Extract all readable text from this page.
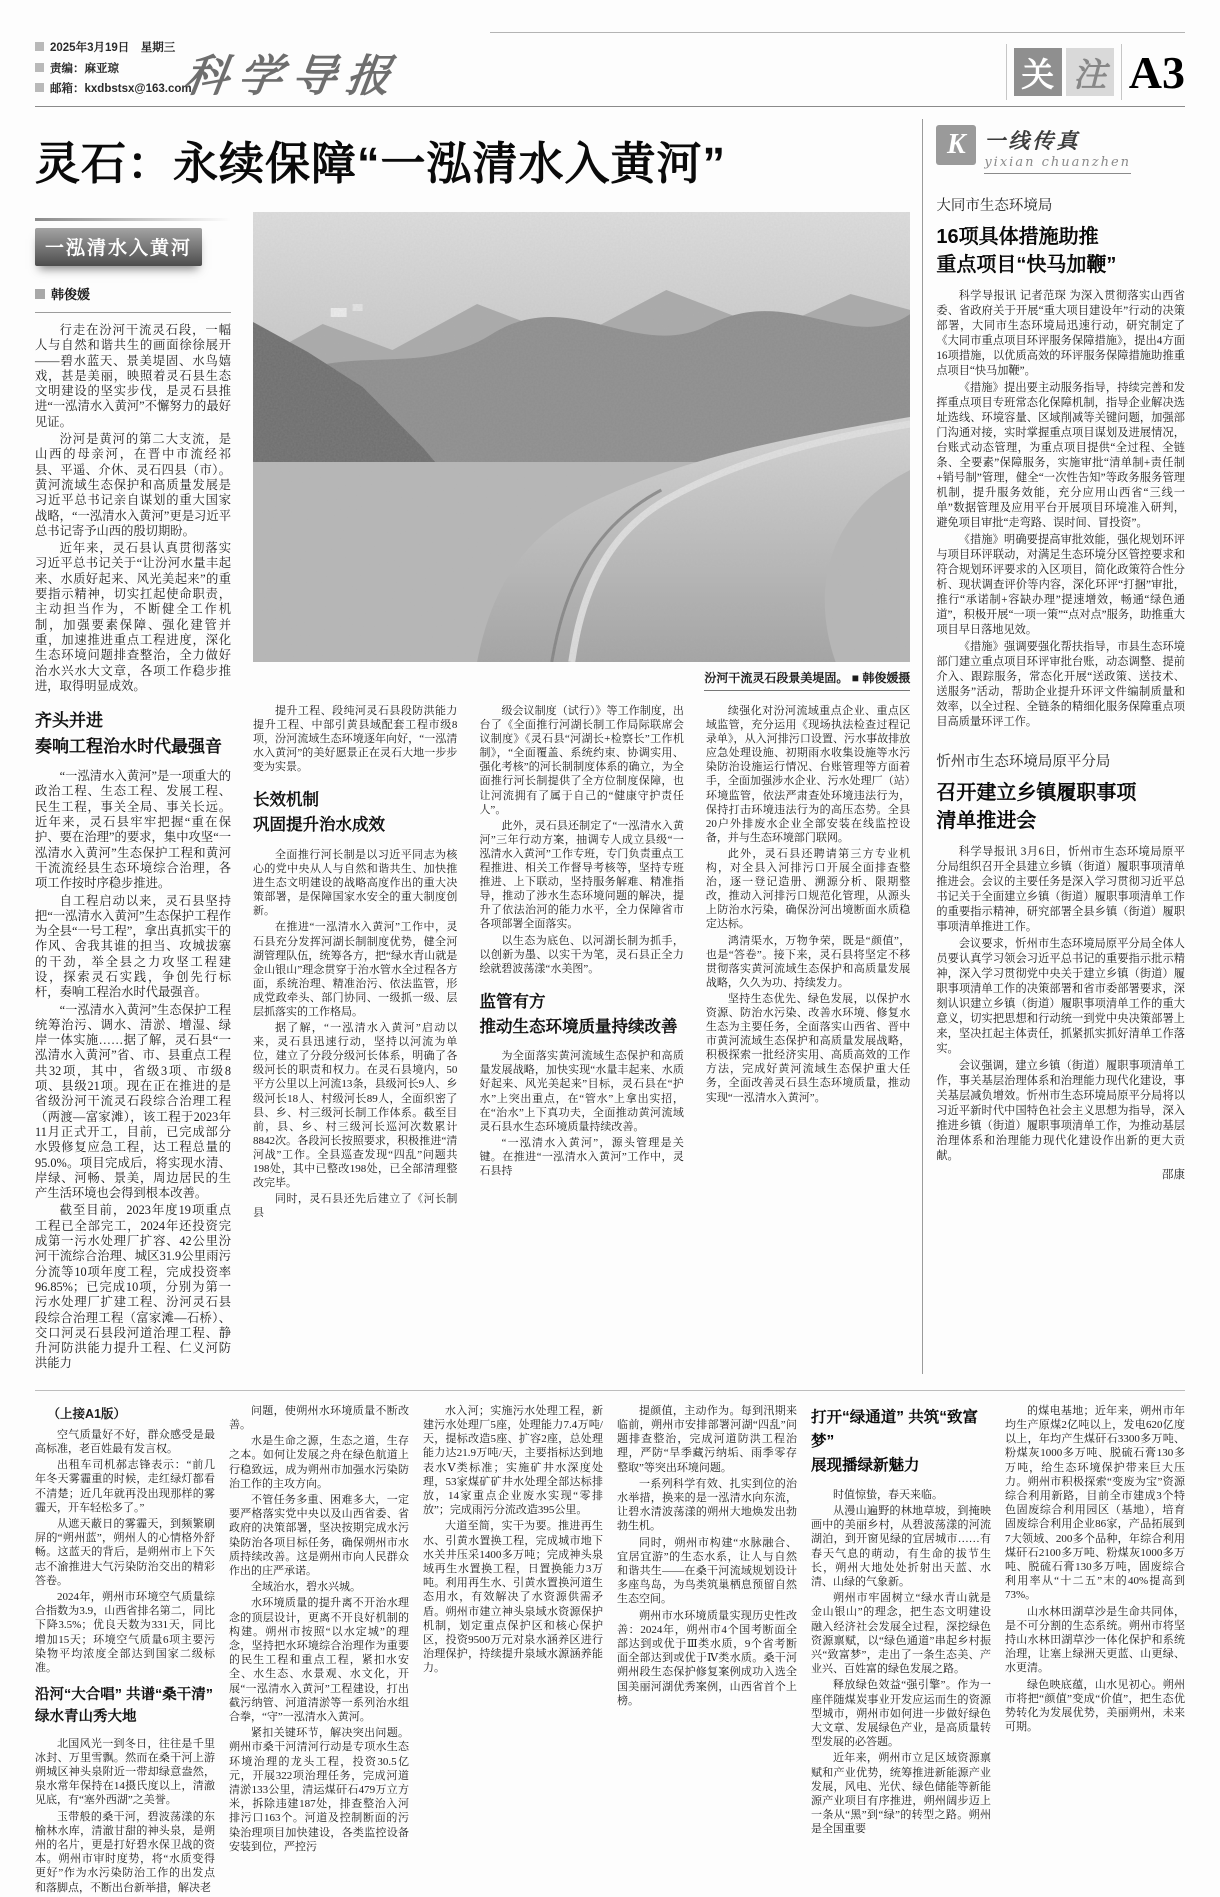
2025年3月19日　星期三
责编：麻亚琼
邮箱：kxdbstsx@163.com
科学导报	关 注 A3
灵石：永续保障“一泓清水入黄河”
一泓清水入黄河
韩俊媛
行走在汾河干流灵石段，一幅人与自然和谐共生的画面徐徐展开——碧水蓝天、景美堤固、水鸟嬉戏，甚是美丽，映照着灵石县生态文明建设的坚实步伐，是灵石县推进“一泓清水入黄河”不懈努力的最好见证。
汾河是黄河的第二大支流，是山西的母亲河，在晋中市流经祁县、平遥、介休、灵石四县（市）。黄河流域生态保护和高质量发展是习近平总书记亲自谋划的重大国家战略，“一泓清水入黄河”更是习近平总书记寄予山西的殷切期盼。
近年来，灵石县认真贯彻落实习近平总书记关于“让汾河水量丰起来、水质好起来、风光美起来”的重要指示精神，切实扛起使命职责，主动担当作为，不断健全工作机制，加强要素保障、强化建管并重，加速推进重点工程进度，深化生态环境问题排查整治，全力做好治水兴水大文章，各项工作稳步推进，取得明显成效。
齐头并进
奏响工程治水时代最强音
“一泓清水入黄河”是一项重大的政治工程、生态工程、发展工程、民生工程，事关全局、事关长远。近年来，灵石县牢牢把握“重在保护、要在治理”的要求，集中攻坚“一泓清水入黄河”生态保护工程和黄河干流流经县生态环境综合治理，各项工作按时序稳步推进。
自工程启动以来，灵石县坚持把“一泓清水入黄河”生态保护工程作为全县“一号工程”，拿出真抓实干的作风、舍我其谁的担当、攻城拔寨的干劲，举全县之力攻坚工程建设，探索灵石实践，争创先行标杆，奏响工程治水时代最强音。
“一泓清水入黄河”生态保护工程统筹治污、调水、清淤、增湿、绿岸一体实施……据了解，灵石县“一泓清水入黄河”省、市、县重点工程共32项，其中，省级3项、市级8项、县级21项。现在正在推进的是省级汾河干流灵石段综合治理工程（两渡—富家滩），该工程于2023年11月正式开工，目前，已完成部分水毁修复应急工程，达工程总量的95.0%。项目完成后，将实现水清、岸绿、河畅、景美，周边居民的生产生活环境也会得到根本改善。
截至目前，2023年度19项重点工程已全部完工，2024年还投资完成第一污水处理厂扩容、42公里汾河干流综合治理、城区31.9公里雨污分流等10项年度工程，完成投资率96.85%；已完成10项，分别为第一污水处理厂扩建工程、汾河灵石县段综合治理工程（富家滩—石桥）、交口河灵石县段河道治理工程、静升河防洪能力提升工程、仁义河防洪能力
汾河干流灵石段景美堤固。 ■ 韩俊媛摄
提升工程、段纯河灵石县段防洪能力提升工程、中部引黄县域配套工程市级8项，汾河流域生态环境逐年向好，“一泓清水入黄河”的美好愿景正在灵石大地一步步变为实景。
长效机制
巩固提升治水成效
全面推行河长制是以习近平同志为核心的党中央从人与自然和谐共生、加快推进生态文明建设的战略高度作出的重大决策部署，是保障国家水安全的重大制度创新。
在推进“一泓清水入黄河”工作中，灵石县充分发挥河湖长制制度优势，健全河湖管理队伍，统筹各方，把“绿水青山就是金山银山”理念贯穿于治水管水全过程各方面，系统治理、精准治污、依法监管，形成党政牵头、部门协同、一级抓一级、层层抓落实的工作格局。
据了解，“一泓清水入黄河”启动以来，灵石县迅速行动，坚持以河流为单位，建立了分段分级河长体系，明确了各级河长的职责和权力。在灵石县境内，50平方公里以上河流13条，县级河长9人、乡级河长18人、村级河长89人，全面织密了县、乡、村三级河长制工作体系。截至目前，县、乡、村三级河长巡河次数累计8842次。各段河长按照要求，积极推进“清河战”工作。全县巡查发现“四乱”问题共198处，其中已整改198处，已全部清理整改完毕。
同时，灵石县还先后建立了《河长制县
级会议制度（试行）》等工作制度，出台了《全面推行河湖长制工作局际联席会议制度》《灵石县“河湖长+检察长”工作机制》，“全面覆盖、系统约束、协调实用、强化考核”的河长制制度体系的确立，为全面推行河长制提供了全方位制度保障，也让河流拥有了属于自己的“健康守护责任人”。
此外，灵石县还制定了“一泓清水入黄河”三年行动方案，抽调专人成立县级“一泓清水入黄河”工作专班，专门负责重点工程推进、相关工作督导考核等，坚持专班推进、上下联动，坚持服务解难、精准指导，推动了涉水生态环境问题的解决，提升了依法治河的能力水平，全力保障省市各项部署全面落实。
以生态为底色、以河湖长制为抓手，以创新为墨、以实干为笔，灵石县正全力绘就碧波荡漾“水美图”。
监管有方
推动生态环境质量持续改善
为全面落实黄河流域生态保护和高质量发展战略，加快实现“水量丰起来、水质好起来、风光美起来”目标，灵石县在“护水”上突出重点，在“管水”上拿出实招，在“治水”上下真功夫，全面推动黄河流域灵石县水生态环境质量持续改善。
“一泓清水入黄河”，源头管理是关键。在推进“一泓清水入黄河”工作中，灵石县持
续强化对汾河流域重点企业、重点区域监管，充分运用《现场执法检查过程记录单》，从入河排污口设置、污水事故排放应急处理设施、初期雨水收集设施等水污染防治设施运行情况、台账管理等方面着手，全面加强涉水企业、污水处理厂（站）环境监管，依法严肃查处环境违法行为，保持打击环境违法行为的高压态势。全县20户外排废水企业全部安装在线监控设备，并与生态环境部门联网。
此外，灵石县还聘请第三方专业机构，对全县入河排污口开展全面排查整治，逐一登记造册、溯源分析、限期整改，推动入河排污口规范化管理，从源头上防治水污染，确保汾河出境断面水质稳定达标。
鸿清渠水，万物争荣，既是“颜值”，也是“答卷”。接下来，灵石县将坚定不移贯彻落实黄河流域生态保护和高质量发展战略，久久为功、持续发力。
坚持生态优先、绿色发展，以保护水资源、防治水污染、改善水环境、修复水生态为主要任务，全面落实山西省、晋中市黄河流域生态保护和高质量发展战略，积极探索一批经济实用、高质高效的工作方法，完成好黄河流域生态保护重大任务，全面改善灵石县生态环境质量，推动实现“一泓清水入黄河”。
K 一线传真
yixian chuanzhen
大同市生态环境局
16项具体措施助推
重点项目“快马加鞭”
科学导报讯 记者范琛 为深入贯彻落实山西省委、省政府关于开展“重大项目建设年”行动的决策部署，大同市生态环境局迅速行动，研究制定了《大同市重点项目环评服务保障措施》，提出4方面16项措施，以优质高效的环评服务保障措施助推重点项目“快马加鞭”。
《措施》提出要主动服务指导，持续完善和发挥重点项目专班常态化保障机制，指导企业解决选址选线、环境容量、区域削减等关键问题，加强部门沟通对接，实时掌握重点项目谋划及进展情况，台账式动态管理，为重点项目提供“全过程、全链条、全要素”保障服务，实施审批“清单制+责任制+销号制”管理，健全“一次性告知”等政务服务管理机制，提升服务效能，充分应用山西省“三线一单”数据管理及应用平台开展项目环境准入研判，避免项目审批“走弯路、误时间、冒投资”。
《措施》明确要提高审批效能，强化规划环评与项目环评联动，对满足生态环境分区管控要求和符合规划环评要求的入区项目，简化政策符合性分析、现状调查评价等内容，深化环评“打捆”审批，推行“承诺制+容缺办理”提速增效，畅通“绿色通道”，积极开展“一项一策”“点对点”服务，助推重大项目早日落地见效。
《措施》强调要强化帮扶指导，市县生态环境部门建立重点项目环评审批台账，动态调整、提前介入、跟踪服务，常态化开展“送政策、送技术、送服务”活动，帮助企业提升环评文件编制质量和效率，以全过程、全链条的精细化服务保障重点项目高质量环评工作。
忻州市生态环境局原平分局
召开建立乡镇履职事项
清单推进会
科学导报讯 3月6日，忻州市生态环境局原平分局组织召开全县建立乡镇（街道）履职事项清单推进会。会议的主要任务是深入学习贯彻习近平总书记关于全面建立乡镇（街道）履职事项清单工作的重要指示精神，研究部署全县乡镇（街道）履职事项清单推进工作。
会议要求，忻州市生态环境局原平分局全体人员要认真学习领会习近平总书记的重要指示批示精神，深入学习贯彻党中央关于建立乡镇（街道）履职事项清单工作的决策部署和省市委部署要求，深刻认识建立乡镇（街道）履职事项清单工作的重大意义，切实把思想和行动统一到党中央决策部署上来，坚决扛起主体责任，抓紧抓实抓好清单工作落实。
会议强调，建立乡镇（街道）履职事项清单工作，事关基层治理体系和治理能力现代化建设，事关基层减负增效。忻州市生态环境局原平分局将以习近平新时代中国特色社会主义思想为指导，深入推进乡镇（街道）履职事项清单工作，为推动基层治理体系和治理能力现代化建设作出新的更大贡献。
邵康
（上接A1版）
空气质量好不好，群众感受是最高标准，老百姓最有发言权。
出租车司机郝志锋表示：“前几年冬天雾霾重的时候，走红绿灯都看不清楚；近几年就再没出现那样的雾霾天，开车轻松多了。”
从遮天蔽日的雾霾天，到频繁刷屏的“朔州蓝”，朔州人的心情格外舒畅。这蓝天的背后，是朔州市上下矢志不渝推进大气污染防治交出的精彩答卷。
2024年，朔州市环境空气质量综合指数为3.9，山西省排名第二，同比下降3.5%；优良天数为331天，同比增加15天；环境空气质量6项主要污染物平均浓度全部达到国家二级标准。
沿河“大合唱” 共谱“桑干清”
绿水青山秀大地
北国风光一到冬日，往往是千里冰封、万里雪飘。然而在桑干河上游朔城区神头泉附近一带却绿意盎然，泉水常年保持在14摄氏度以上，清澈见底，有“塞外西湖”之美誉。
玉带般的桑干河，碧波荡漾的东榆林水库，清澈甘甜的神头泉，是朔州的名片，更是打好碧水保卫战的资本。朔州市审时度势，将“水质变得更好”作为水污染防治工作的出发点和落脚点，不断出台新举措，解决老
问题，使朔州水环境质量不断改善。
水是生命之源，生态之道，生存之本。如何让发展之舟在绿色航道上行稳致远，成为朔州市加强水污染防治工作的主攻方向。
不管任务多重、困难多大，一定要严格落实党中央以及山西省委、省政府的决策部署，坚决按期完成水污染防治各项目标任务，确保朔州市水质持续改善。这是朔州市向人民群众作出的庄严承诺。
全域治水，碧水兴城。
水环境质量的提升离不开治水理念的顶层设计，更离不开良好机制的构建。朔州市按照“以水定城”的理念，坚持把水环境综合治理作为重要的民生工程和重点工程，紧扣水安全、水生态、水景观、水文化，开展“一泓清水入黄河”工程建设，打出截污纳管、河道清淤等一系列治水组合拳，“守”一泓清水入黄河。
紧扣关键环节，解决突出问题。朔州市桑干河清河行动是专项水生态环境治理的龙头工程，投资30.5亿元，开展322项治理任务，完成河道清淤133公里，清运煤矸石479万立方米，拆除违建187处，排查整治入河排污口163个。河道及控制断面的污染治理项目加快建设，各类监控设备安装到位，严控污
水入河；实施污水处理工程，新建污水处理厂5座，处理能力7.4万吨/天，提标改造5座、扩容2座，总处理能力达21.9万吨/天，主要指标达到地表水Ⅴ类标准；实施矿井水深度处理，53家煤矿矿井水处理全部达标排放，14家重点企业废水实现“零排放”；完成雨污分流改造395公里。
大道至简，实干为要。推进再生水、引黄水置换工程，完成城市地下水关井压采1400多万吨；完成神头泉域再生水置换工程，日置换能力3万吨。利用再生水、引黄水置换河道生态用水，有效解决了水资源供需矛盾。朔州市建立神头泉域水资源保护机制，划定重点保护区和核心保护区，投资9500万元对泉水涵养区进行治理保护，持续提升泉域水源涵养能力。
提颜值，主动作为。每到汛期来临前，朔州市安排部署河湖“四乱”问题排查整治，完成河道防洪工程治理，严防“旱季藏污纳垢、雨季零存整取”等突出环境问题。
一系列科学有效、扎实到位的治水举措，换来的是一泓清水向东流，让碧水清波荡漾的朔州大地焕发出勃勃生机。
同时，朔州市构建“水脉融合、宜居宜游”的生态水系，让人与自然和谐共生——在桑干河流域规划设计多座鸟岛，为鸟类筑巢栖息预留自然生态空间。
朔州市水环境质量实现历史性改善：2024年，朔州市4个国考断面全部达到或优于Ⅲ类水质，9个省考断面全部达到或优于Ⅳ类水质。桑干河朔州段生态保护修复案例成功入选全国美丽河湖优秀案例，山西省首个上榜。
打开“绿通道” 共筑“致富梦”
展现播绿新魅力
时值惊蛰，春天来临。
从漫山遍野的林地草坡，到掩映画中的美丽乡村，从碧波荡漾的河流湖泊，到开窗见绿的宜居城市……有春天气息的萌动，有生命的拔节生长，朔州大地处处折射出天蓝、水清、山绿的气象新。
朔州市牢固树立“绿水青山就是金山银山”的理念，把生态文明建设融入经济社会发展全过程，深挖绿色资源禀赋，以“绿色通道”串起乡村振兴“致富梦”，走出了一条生态美、产业兴、百姓富的绿色发展之路。
释放绿色效益“强引擎”。作为一座伴随煤炭事业开发应运而生的资源型城市，朔州市如何进一步做好绿色大文章、发展绿色产业，是高质量转型发展的必答题。
近年来，朔州市立足区域资源禀赋和产业优势，统筹推进新能源产业发展，风电、光伏、绿色储能等新能源产业项目有序推进，朔州阔步迈上一条从“黑”到“绿”的转型之路。朔州是全国重要
的煤电基地；近年来，朔州市年均生产原煤2亿吨以上，发电620亿度以上，年均产生煤矸石3300多万吨、粉煤灰1000多万吨、脱硫石膏130多万吨，给生态环境保护带来巨大压力。朔州市积极探索“变废为宝”资源综合利用新路，目前全市建成3个特色固废综合利用园区（基地），培育固废综合利用企业86家，产品拓展到7大领域、200多个品种，年综合利用煤矸石2100多万吨、粉煤灰1000多万吨、脱硫石膏130多万吨，固废综合利用率从“十二五”末的40%提高到73%。
山水林田湖草沙是生命共同体，是不可分割的生态系统。朔州市将坚持山水林田湖草沙一体化保护和系统治理，让塞上绿洲天更蓝、山更绿、水更清。
绿色映底蕴，山水见初心。朔州市将把“颜值”变成“价值”，把生态优势转化为发展优势，美丽朔州，未来可期。
